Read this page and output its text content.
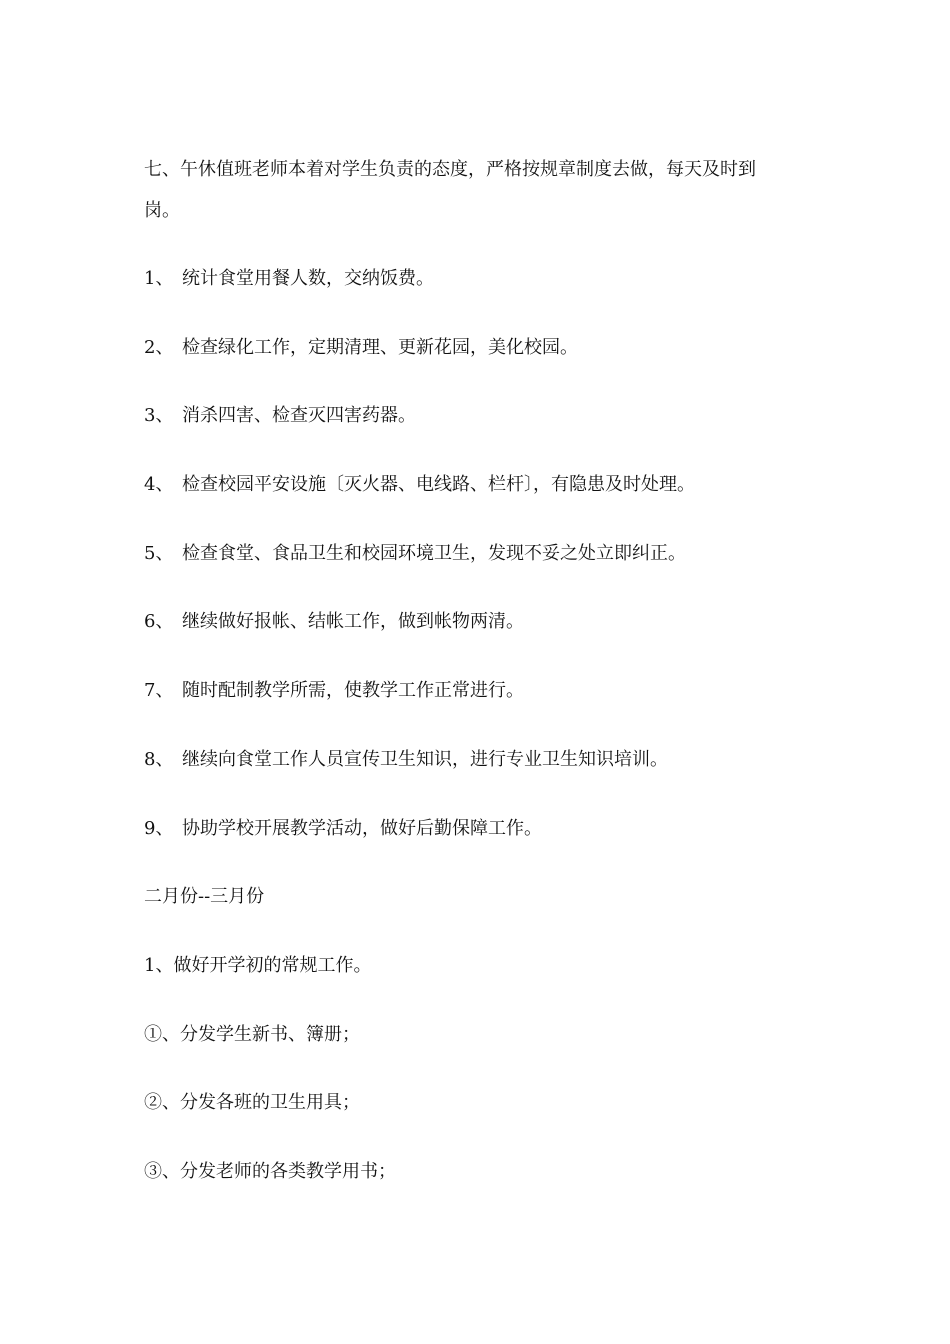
七、午休值班老师本着对学生负责的态度，严格按规章制度去做，每天及时到

岗。

1、 统计食堂用餐人数，交纳饭费。

2、 检查绿化工作，定期清理、更新花园，美化校园。

3、 消杀四害、检查灭四害药器。

4、 检查校园平安设施〔灭火器、电线路、栏杆〕，有隐患及时处理。

5、 检查食堂、食品卫生和校园环境卫生，发现不妥之处立即纠正。

6、 继续做好报帐、结帐工作，做到帐物两清。

7、 随时配制教学所需，使教学工作正常进行。

8、 继续向食堂工作人员宣传卫生知识，进行专业卫生知识培训。

9、 协助学校开展教学活动，做好后勤保障工作。

二月份--三月份

1、做好开学初的常规工作。

①、分发学生新书、簿册；

②、分发各班的卫生用具；

③、分发老师的各类教学用书；
